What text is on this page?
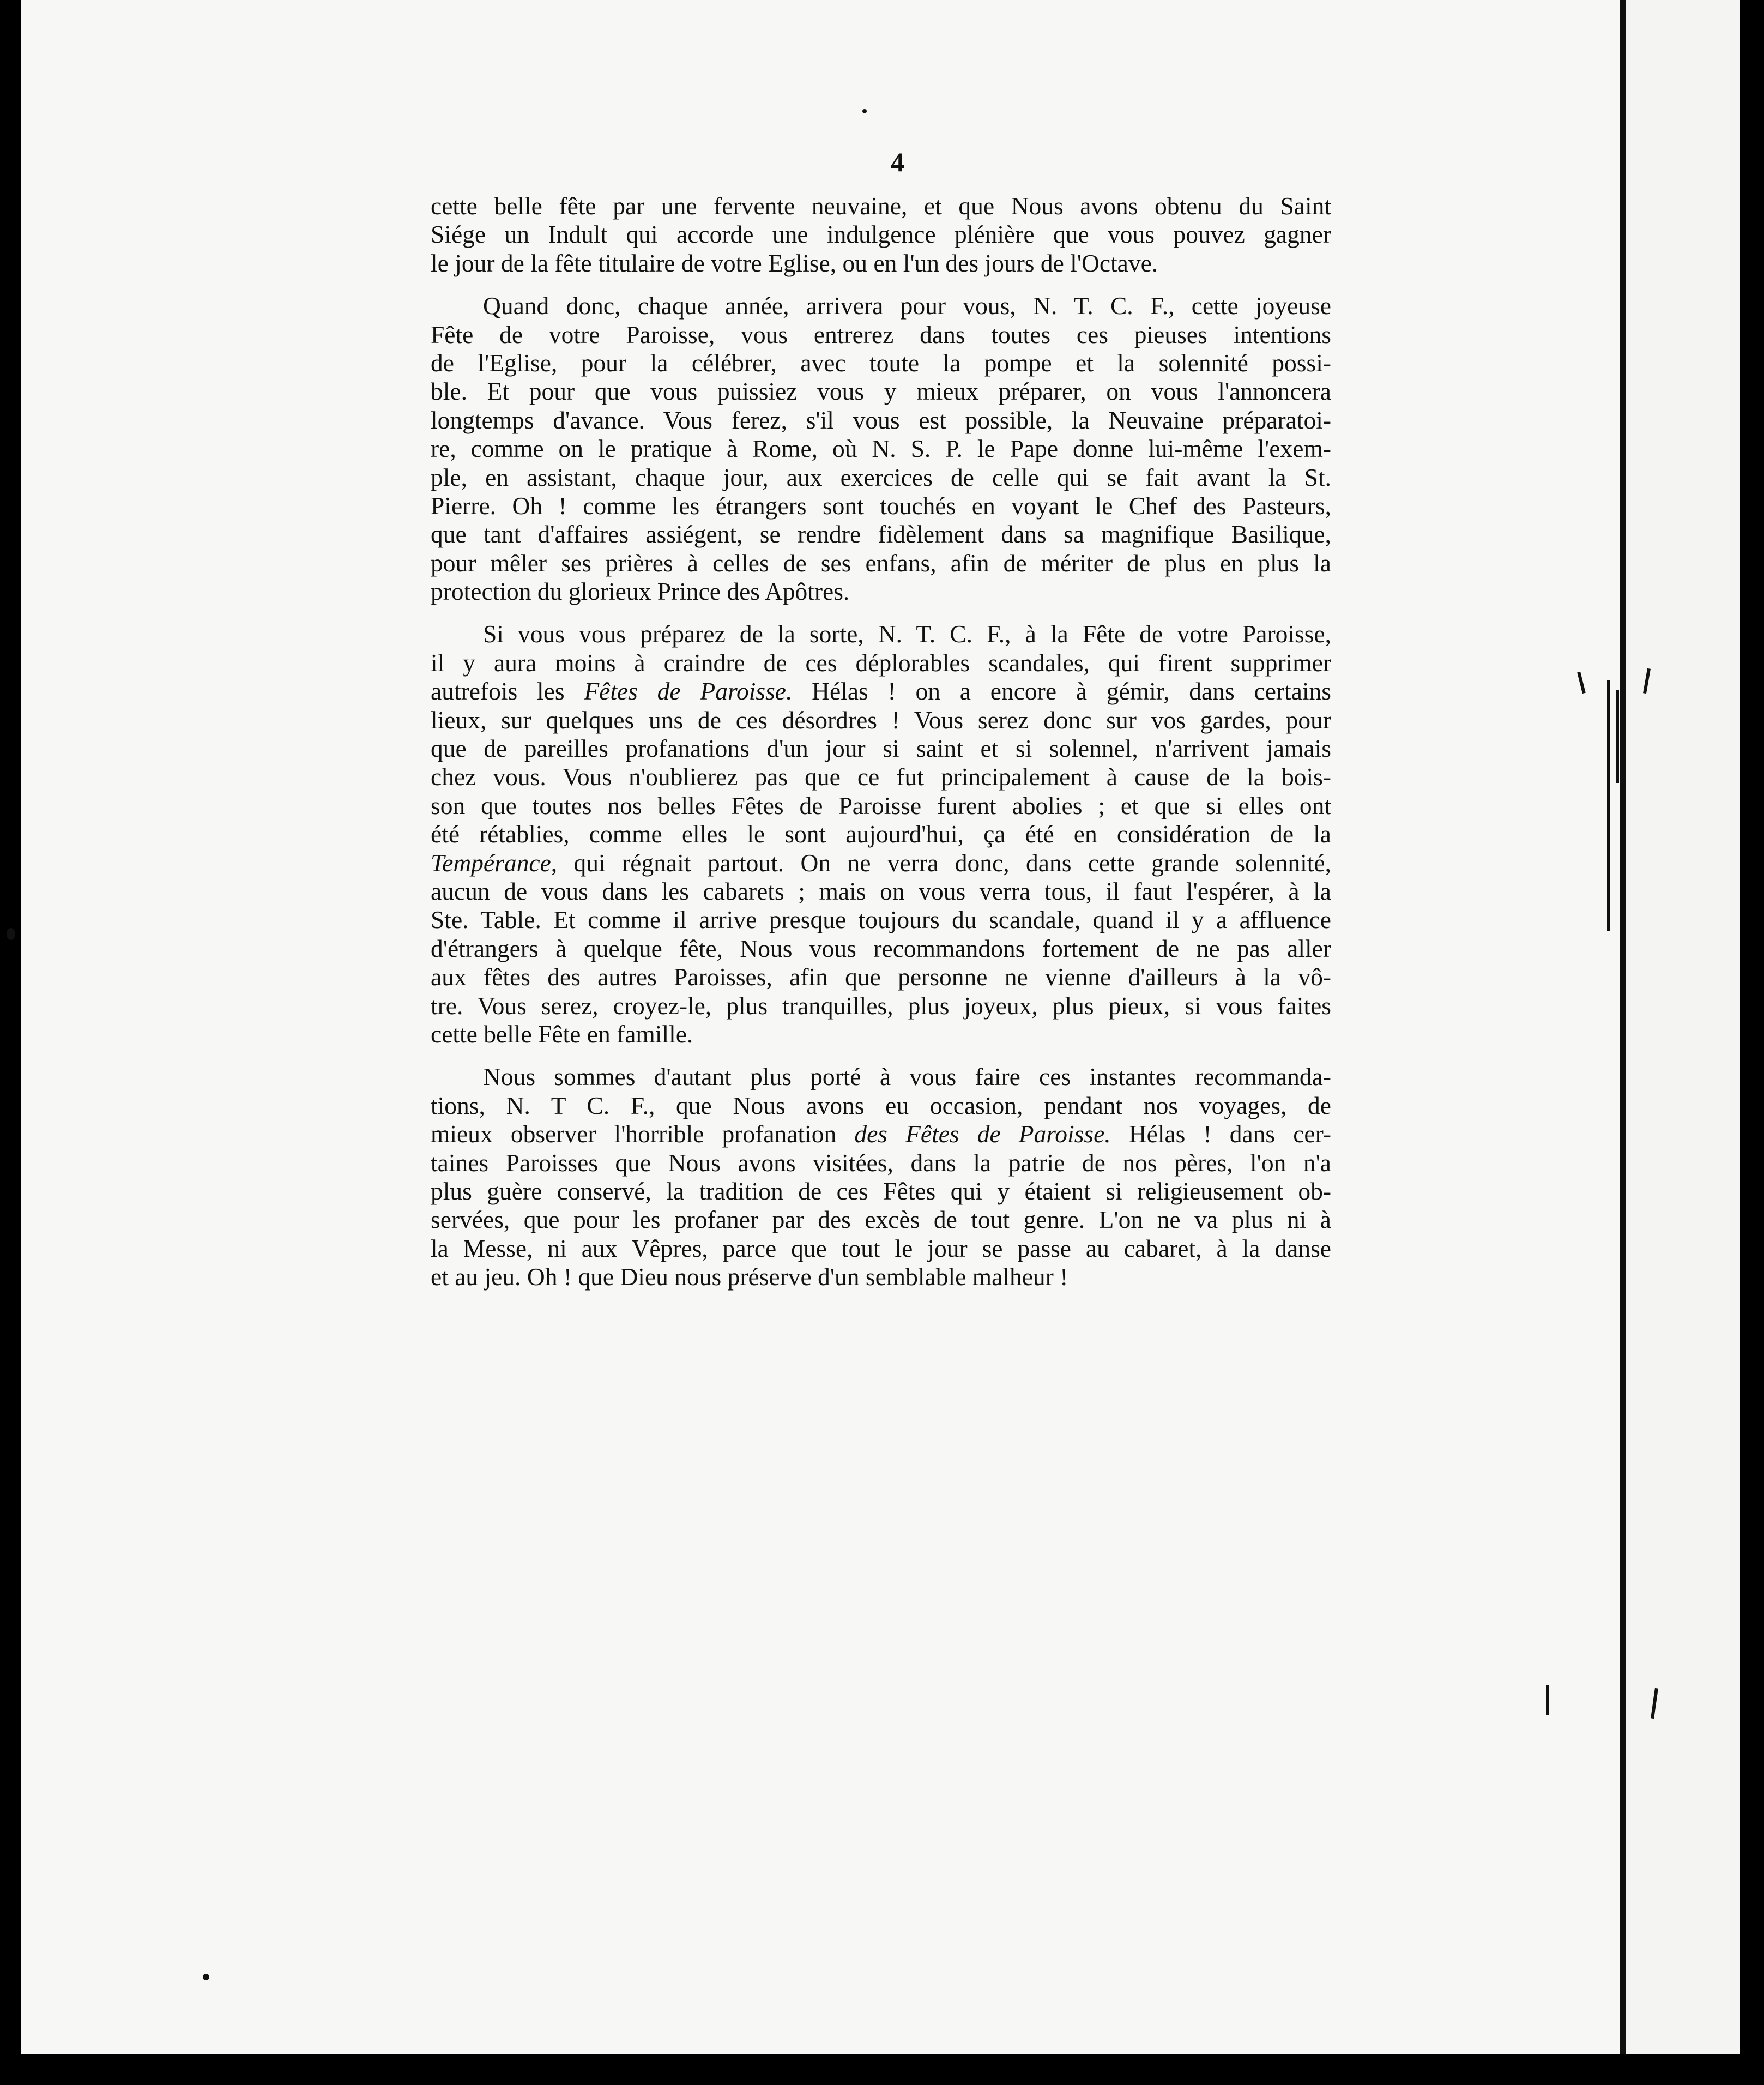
4
cette belle fête par une fervente neuvaine, et que Nous avons obtenu du Saint
Siége un Indult qui accorde une indulgence plénière que vous pouvez gagner
le jour de la fête titulaire de votre Eglise, ou en l'un des jours de l'Octave.
Quand donc, chaque année, arrivera pour vous, N. T. C. F., cette joyeuse
Fête de votre Paroisse, vous entrerez dans toutes ces pieuses intentions
de l'Eglise, pour la célébrer, avec toute la pompe et la solennité possi-
ble. Et pour que vous puissiez vous y mieux préparer, on vous l'annoncera
longtemps d'avance. Vous ferez, s'il vous est possible, la Neuvaine préparatoi-
re, comme on le pratique à Rome, où N. S. P. le Pape donne lui-même l'exem-
ple, en assistant, chaque jour, aux exercices de celle qui se fait avant la St.
Pierre. Oh ! comme les étrangers sont touchés en voyant le Chef des Pasteurs,
que tant d'affaires assiégent, se rendre fidèlement dans sa magnifique Basilique,
pour mêler ses prières à celles de ses enfans, afin de mériter de plus en plus la
protection du glorieux Prince des Apôtres.
Si vous vous préparez de la sorte, N. T. C. F., à la Fête de votre Paroisse,
il y aura moins à craindre de ces déplorables scandales, qui firent supprimer
autrefois les Fêtes de Paroisse. Hélas ! on a encore à gémir, dans certains
lieux, sur quelques uns de ces désordres ! Vous serez donc sur vos gardes, pour
que de pareilles profanations d'un jour si saint et si solennel, n'arrivent jamais
chez vous. Vous n'oublierez pas que ce fut principalement à cause de la bois-
son que toutes nos belles Fêtes de Paroisse furent abolies ; et que si elles ont
été rétablies, comme elles le sont aujourd'hui, ça été en considération de la
Tempérance, qui régnait partout. On ne verra donc, dans cette grande solennité,
aucun de vous dans les cabarets ; mais on vous verra tous, il faut l'espérer, à la
Ste. Table. Et comme il arrive presque toujours du scandale, quand il y a affluence
d'étrangers à quelque fête, Nous vous recommandons fortement de ne pas aller
aux fêtes des autres Paroisses, afin que personne ne vienne d'ailleurs à la vô-
tre. Vous serez, croyez-le, plus tranquilles, plus joyeux, plus pieux, si vous faites
cette belle Fête en famille.
Nous sommes d'autant plus porté à vous faire ces instantes recommanda-
tions, N. T C. F., que Nous avons eu occasion, pendant nos voyages, de
mieux observer l'horrible profanation des Fêtes de Paroisse. Hélas ! dans cer-
taines Paroisses que Nous avons visitées, dans la patrie de nos pères, l'on n'a
plus guère conservé, la tradition de ces Fêtes qui y étaient si religieusement ob-
servées, que pour les profaner par des excès de tout genre. L'on ne va plus ni à
la Messe, ni aux Vêpres, parce que tout le jour se passe au cabaret, à la danse
et au jeu. Oh ! que Dieu nous préserve d'un semblable malheur !
